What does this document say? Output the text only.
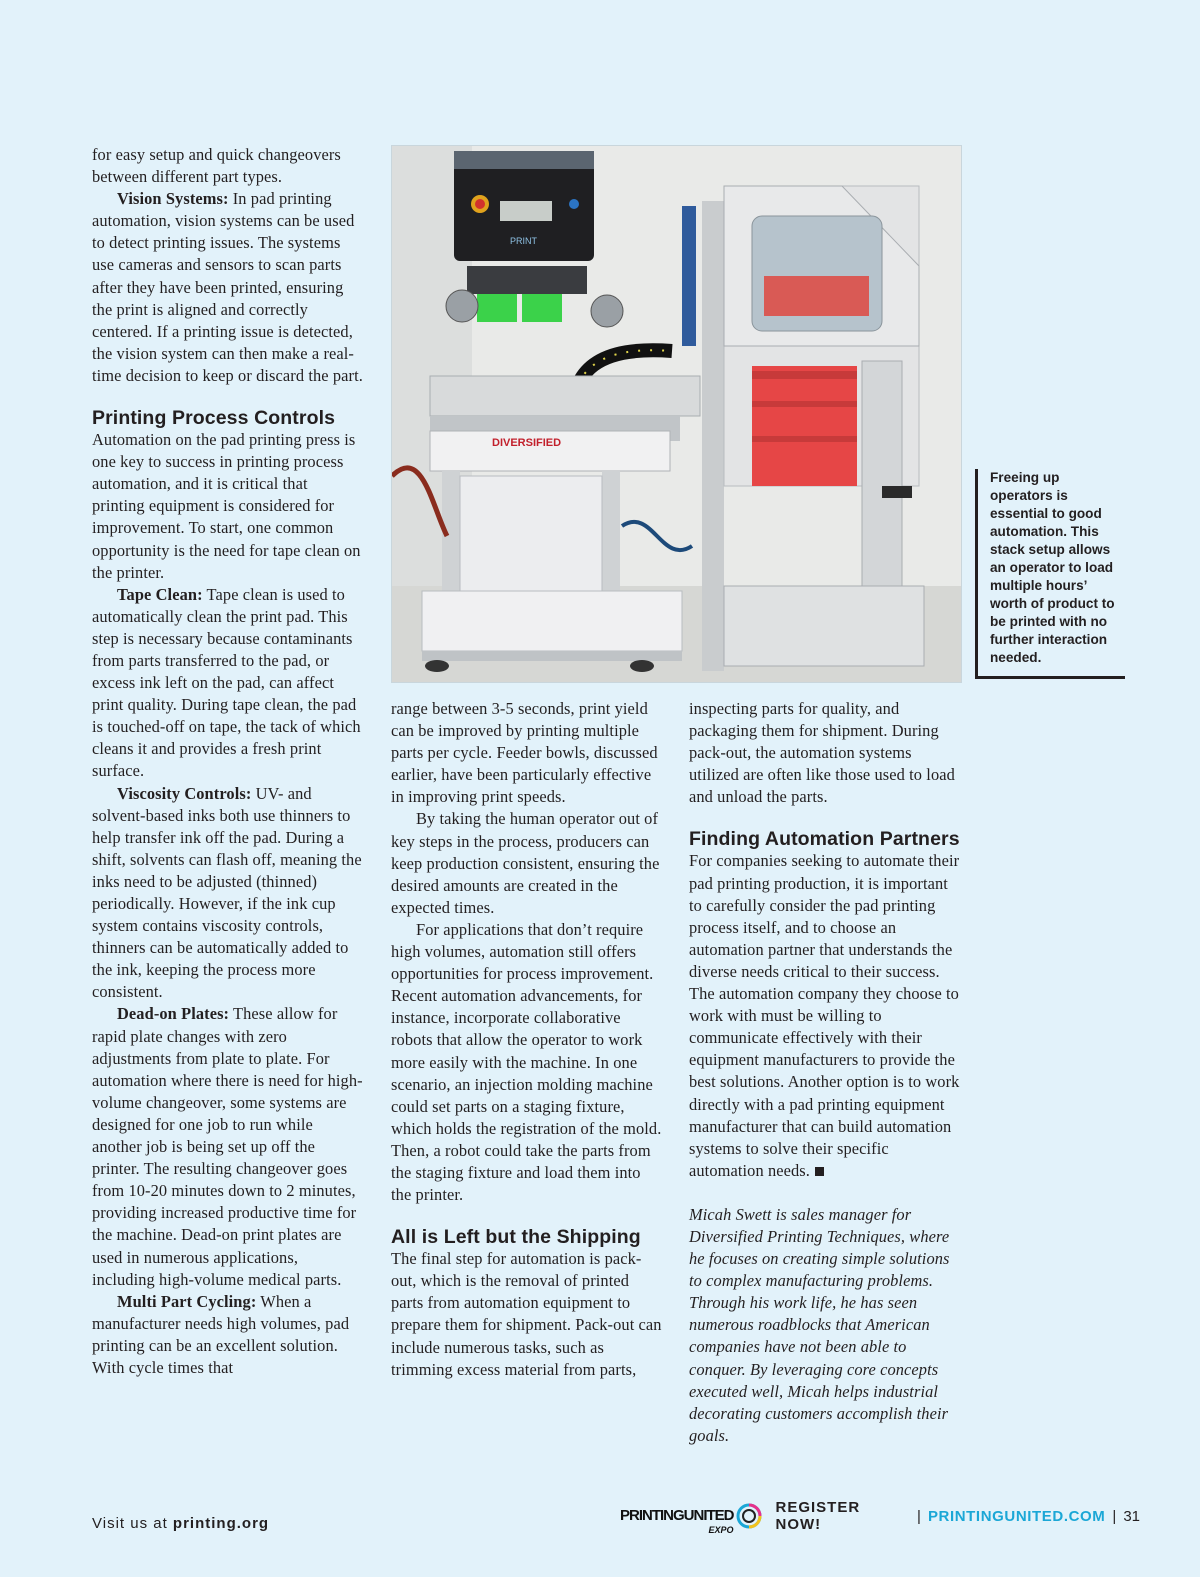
for easy setup and quick changeovers between different part types.

Vision Systems: In pad printing automation, vision systems can be used to detect printing issues. The systems use cameras and sensors to scan parts after they have been printed, ensuring the print is aligned and correctly centered. If a printing issue is detected, the vision system can then make a real-time decision to keep or discard the part.

Printing Process Controls

Automation on the pad printing press is one key to success in printing process automation, and it is critical that printing equipment is considered for improvement. To start, one common opportunity is the need for tape clean on the printer.

Tape Clean: Tape clean is used to automatically clean the print pad. This step is necessary because contaminants from parts transferred to the pad, or excess ink left on the pad, can affect print quality. During tape clean, the pad is touched-off on tape, the tack of which cleans it and provides a fresh print surface.

Viscosity Controls: UV- and solvent-based inks both use thinners to help transfer ink off the pad. During a shift, solvents can flash off, meaning the inks need to be adjusted (thinned) periodically. However, if the ink cup system contains viscosity controls, thinners can be automatically added to the ink, keeping the process more consistent.

Dead-on Plates: These allow for rapid plate changes with zero adjustments from plate to plate. For automation where there is need for high-volume changeover, some systems are designed for one job to run while another job is being set up off the printer. The resulting changeover goes from 10-20 minutes down to 2 minutes, providing increased productive time for the machine. Dead-on print plates are used in numerous applications, including high-volume medical parts.

Multi Part Cycling: When a manufacturer needs high volumes, pad printing can be an excellent solution. With cycle times that

PRINT
DIVERSIFIED
Freeing up operators is essential to good automation. This stack setup allows an operator to load multiple hours’ worth of product to be printed with no further interaction needed.

range between 3-5 seconds, print yield can be improved by printing multiple parts per cycle. Feeder bowls, discussed earlier, have been particularly effective in improving print speeds.

By taking the human operator out of key steps in the process, producers can keep production consistent, ensuring the desired amounts are created in the expected times.

For applications that don’t require high volumes, automation still offers opportunities for process improvement. Recent automation advancements, for instance, incorporate collaborative robots that allow the operator to work more easily with the machine. In one scenario, an injection molding machine could set parts on a staging fixture, which holds the registration of the mold. Then, a robot could take the parts from the staging fixture and load them into the printer.

All is Left but the Shipping

The final step for automation is pack-out, which is the removal of printed parts from automation equipment to prepare them for shipment. Pack-out can include numerous tasks, such as trimming excess material from parts,

inspecting parts for quality, and packaging them for shipment. During pack-out, the automation systems utilized are often like those used to load and unload the parts.

Finding Automation Partners

For companies seeking to automate their pad printing production, it is important to carefully consider the pad printing process itself, and to choose an automation partner that understands the diverse needs critical to their success. The automation company they choose to work with must be willing to communicate effectively with their equipment manufacturers to provide the best solutions. Another option is to work directly with a pad printing equipment manufacturer that can build automation systems to solve their specific automation needs.

Micah Swett is sales manager for Diversified Printing Techniques, where he focuses on creating simple solutions to complex manufacturing problems. Through his work life, he has seen numerous roadblocks that American companies have not been able to conquer. By leveraging core concepts executed well, Micah helps industrial decorating customers accomplish their goals.

Visit us at printing.org	PRINTINGUNITED
EXPO
REGISTER NOW!	| PRINTINGUNITED.COM | 31
